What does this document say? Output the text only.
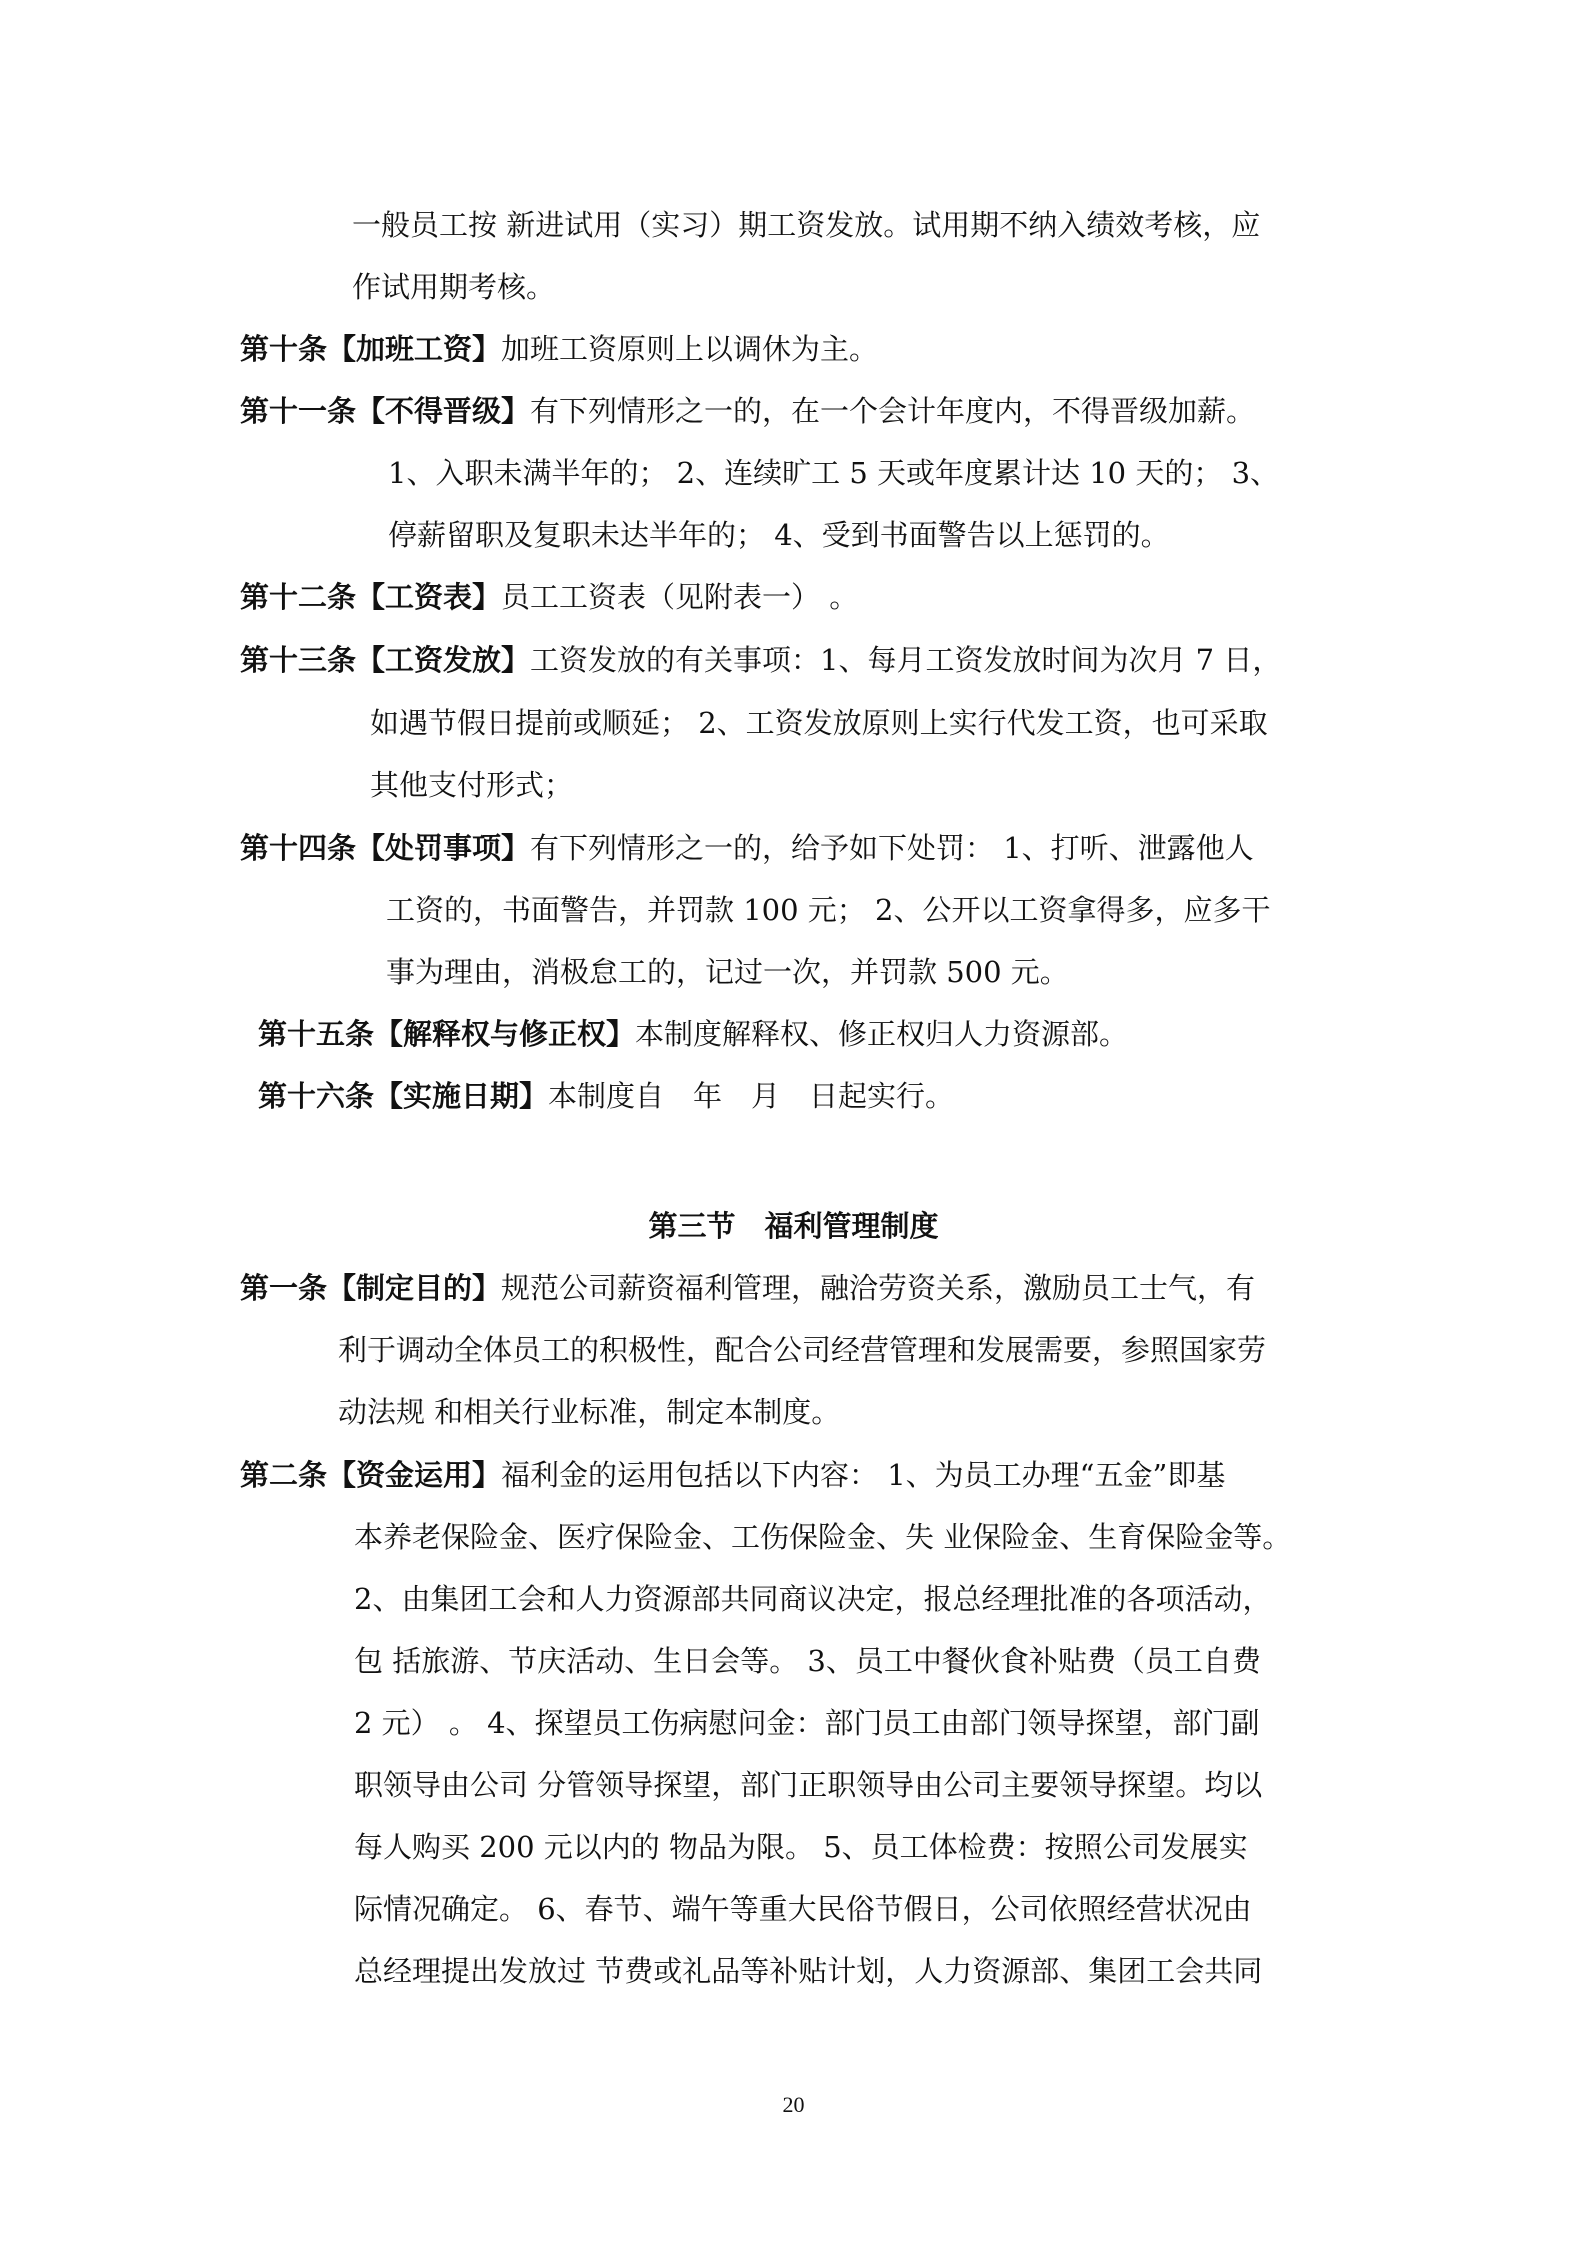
一般员工按 新进试用（实习）期工资发放。试用期不纳入绩效考核，应

作试用期考核。

第十条【加班工资】加班工资原则上以调休为主。

第十一条【不得晋级】有下列情形之一的，在一个会计年度内，不得晋级加薪。

1、入职未满半年的； 2、连续旷工 5 天或年度累计达 10 天的； 3、

停薪留职及复职未达半年的； 4、受到书面警告以上惩罚的。

第十二条【工资表】员工工资表（见附表一） 。

第十三条【工资发放】工资发放的有关事项：1、每月工资发放时间为次月 7 日，

如遇节假日提前或顺延； 2、工资发放原则上实行代发工资，也可采取

其他支付形式；

第十四条【处罚事项】有下列情形之一的，给予如下处罚： 1、打听、泄露他人

工资的，书面警告，并罚款 100 元； 2、公开以工资拿得多，应多干

事为理由，消极怠工的，记过一次，并罚款 500 元。

第十五条【解释权与修正权】本制度解释权、修正权归人力资源部。

第十六条【实施日期】本制度自　年　月　日起实行。

第三节　福利管理制度

第一条【制定目的】规范公司薪资福利管理，融洽劳资关系，激励员工士气，有

利于调动全体员工的积极性，配合公司经营管理和发展需要，参照国家劳

动法规 和相关行业标准，制定本制度。

第二条【资金运用】福利金的运用包括以下内容： 1、为员工办理“五金”即基

本养老保险金、医疗保险金、工伤保险金、失 业保险金、生育保险金等。

2、由集团工会和人力资源部共同商议决定，报总经理批准的各项活动，

包 括旅游、节庆活动、生日会等。 3、员工中餐伙食补贴费（员工自费

2 元） 。 4、探望员工伤病慰问金：部门员工由部门领导探望，部门副

职领导由公司 分管领导探望，部门正职领导由公司主要领导探望。均以

每人购买 200 元以内的 物品为限。 5、员工体检费：按照公司发展实

际情况确定。 6、春节、端午等重大民俗节假日，公司依照经营状况由

总经理提出发放过 节费或礼品等补贴计划，人力资源部、集团工会共同

20
